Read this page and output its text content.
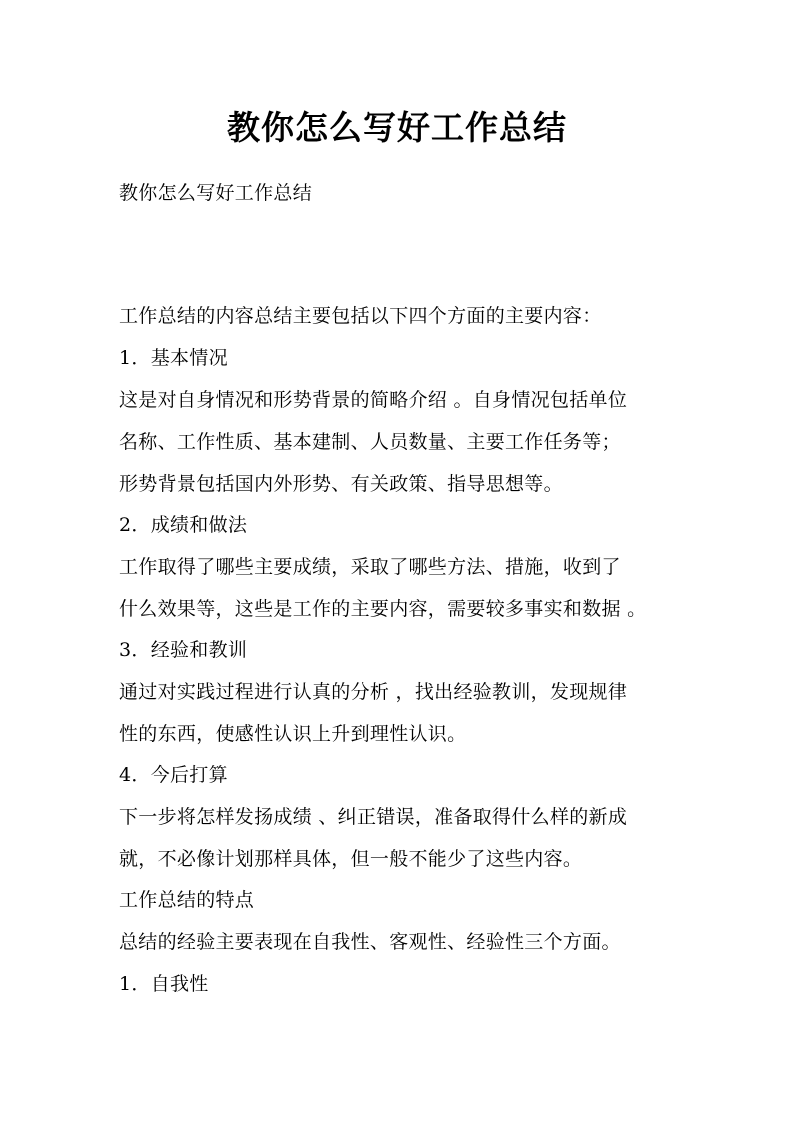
教你怎么写好工作总结

教你怎么写好工作总结

工作总结的内容总结主要包括以下四个方面的主要内容：

1．基本情况

这是对自身情况和形势背景的简略介绍 。自身情况包括单位

名称、工作性质、基本建制、人员数量、主要工作任务等；

形势背景包括国内外形势、有关政策、指导思想等。

2．成绩和做法

工作取得了哪些主要成绩，采取了哪些方法、措施，收到了

什么效果等，这些是工作的主要内容，需要较多事实和数据 。

3．经验和教训

通过对实践过程进行认真的分析 ，找出经验教训，发现规律

性的东西，使感性认识上升到理性认识。

4．今后打算

下一步将怎样发扬成绩 、纠正错误，准备取得什么样的新成

就，不必像计划那样具体，但一般不能少了这些内容。

工作总结的特点

总结的经验主要表现在自我性、客观性、经验性三个方面。

1．自我性
